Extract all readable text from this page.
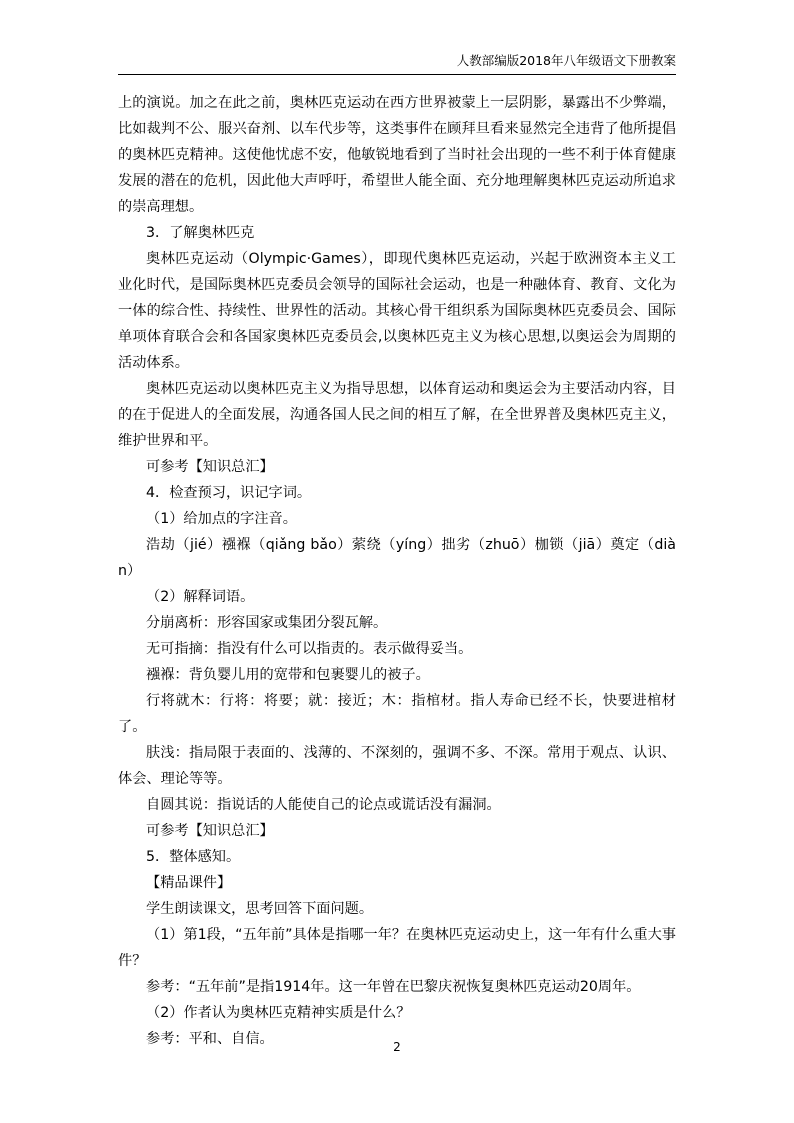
人教部编版2018年八年级语文下册教案

上的演说。加之在此之前，奥林匹克运动在西方世界被蒙上一层阴影，暴露出不少弊端，比如裁判不公、服兴奋剂、以车代步等，这类事件在顾拜旦看来显然完全违背了他所提倡的奥林匹克精神。这使他忧虑不安，他敏锐地看到了当时社会出现的一些不利于体育健康发展的潜在的危机，因此他大声呼吁，希望世人能全面、充分地理解奥林匹克运动所追求的崇高理想。

3．了解奥林匹克

奥林匹克运动（Olympic·Games），即现代奥林匹克运动，兴起于欧洲资本主义工业化时代，是国际奥林匹克委员会领导的国际社会运动，也是一种融体育、教育、文化为一体的综合性、持续性、世界性的活动。其核心骨干组织系为国际奥林匹克委员会、国际单项体育联合会和各国家奥林匹克委员会,以奥林匹克主义为核心思想,以奥运会为周期的活动体系。

奥林匹克运动以奥林匹克主义为指导思想，以体育运动和奥运会为主要活动内容，目的在于促进人的全面发展，沟通各国人民之间的相互了解，在全世界普及奥林匹克主义，维护世界和平。

可参考【知识总汇】

4．检查预习，识记字词。

（1）给加点的字注音。

浩劫（jié）襁褓（qiǎng bǎo）萦绕（yíng）拙劣（zhuō）枷锁（jiā）奠定（diàn）

（2）解释词语。

分崩离析：形容国家或集团分裂瓦解。

无可指摘：指没有什么可以指责的。表示做得妥当。

襁褓：背负婴儿用的宽带和包裹婴儿的被子。

行将就木：行将：将要；就：接近；木：指棺材。指人寿命已经不长，快要进棺材了。

肤浅：指局限于表面的、浅薄的、不深刻的，强调不多、不深。常用于观点、认识、体会、理论等等。

自圆其说：指说话的人能使自己的论点或谎话没有漏洞。

可参考【知识总汇】

5．整体感知。

【精品课件】

学生朗读课文，思考回答下面问题。

（1）第1段，“五年前”具体是指哪一年？在奥林匹克运动史上，这一年有什么重大事件？

参考：“五年前”是指1914年。这一年曾在巴黎庆祝恢复奥林匹克运动20周年。

（2）作者认为奥林匹克精神实质是什么？

参考：平和、自信。	2
